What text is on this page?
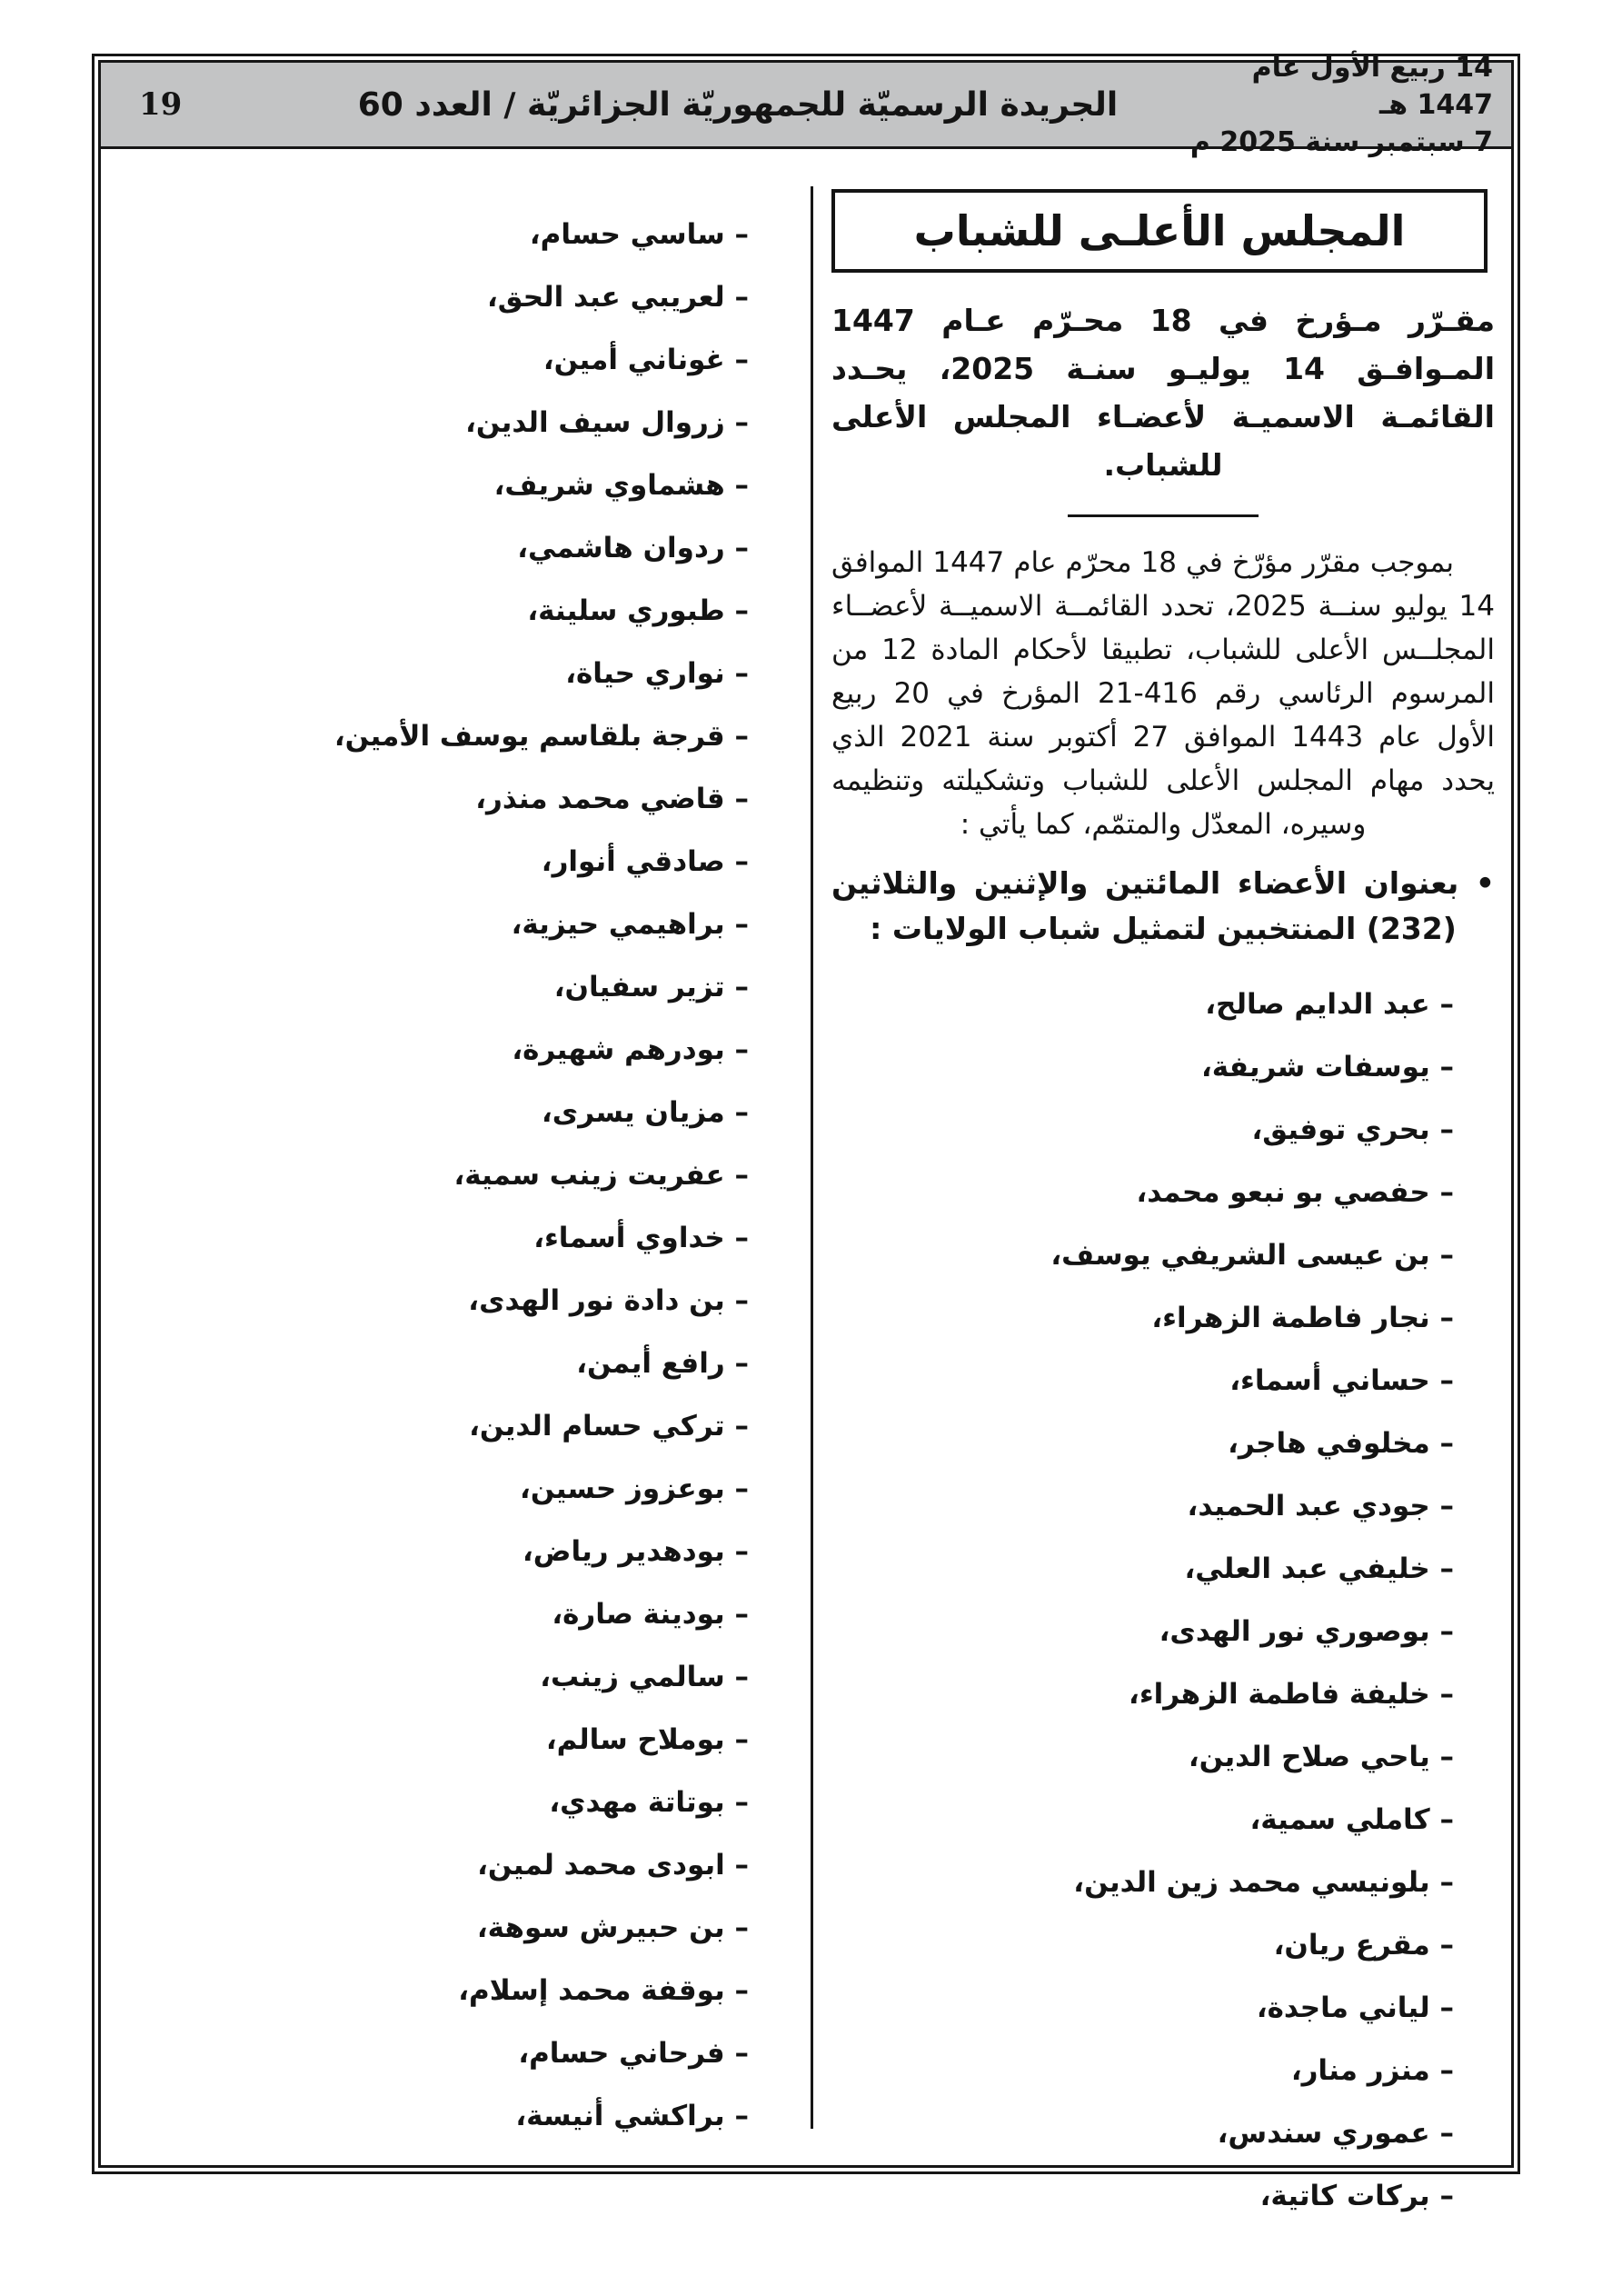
19	الجريدة الرسميّة للجمهوريّة الجزائريّة / العدد 60
14 ربيع الأول عام 1447 هـ
7 سبتمبر سنة 2025 م
المجلس الأعلـى للشباب

مقـرّر مـؤرخ في 18 محـرّم عـام 1447 المـوافـق 14 يوليـو سنـة 2025، يحـدد القائمـة الاسميـة لأعضـاء المجلس الأعلى للشباب.

بموجب مقرّر مؤرّخ في 18 محرّم عام 1447 الموافق 14 يوليو سنــة 2025، تحدد القائمــة الاسميــة لأعضــاء المجلــس الأعلى للشباب، تطبيقا لأحكام المادة 12 من المرسوم الرئاسي رقم 416-21 المؤرخ في 20 ربيع الأول عام 1443 الموافق 27 أكتوبر سنة 2021 الذي يحدد مهام المجلس الأعلى للشباب وتشكيلته وتنظيمه وسيره، المعدّل والمتمّم، كما يأتي :

• بعنوان الأعضاء المائتين والإثنين والثلاثين (232) المنتخبين لتمثيل شباب الولايات :

– عبد الدايم صالح،
– يوسفات شريفة،
– بحري توفيق،
– حفصي بو نبعو محمد،
– بن عيسى الشريفي يوسف،
– نجار فاطمة الزهراء،
– حساني أسماء،
– مخلوفي هاجر،
– جودي عبد الحميد،
– خليفي عبد العلي،
– بوصوري نور الهدى،
– خليفة فاطمة الزهراء،
– ياحي صلاح الدين،
– كاملي سمية،
– بلونيسي محمد زين الدين،
– مقرع ريان،
– لياني ماجدة،
– منزر منار،
– عموري سندس،
– بركات كاتية،
– ساسي حسام،
– لعريبي عبد الحق،
– غوناني أمين،
– زروال سيف الدين،
– هشماوي شريف،
– ردوان هاشمي،
– طبوري سلينة،
– نواري حياة،
– قرجة بلقاسم يوسف الأمين،
– قاضي محمد منذر،
– صادقي أنوار،
– براهيمي حيزية،
– تزير سفيان،
– بودرهم شهيرة،
– مزيان يسرى،
– عفريت زينب سمية،
– خداوي أسماء،
– بن دادة نور الهدى،
– رافع أيمن،
– تركي حسام الدين،
– بوعزوز حسين،
– بودهدير رياض،
– بودينة صارة،
– سالمي زينب،
– بوملاح سالم،
– بوتاتة مهدي،
– ابودى محمد لمين،
– بن حبيرش سوهة،
– بوقفة محمد إسلام،
– فرحاني حسام،
– براكشي أنيسة،
